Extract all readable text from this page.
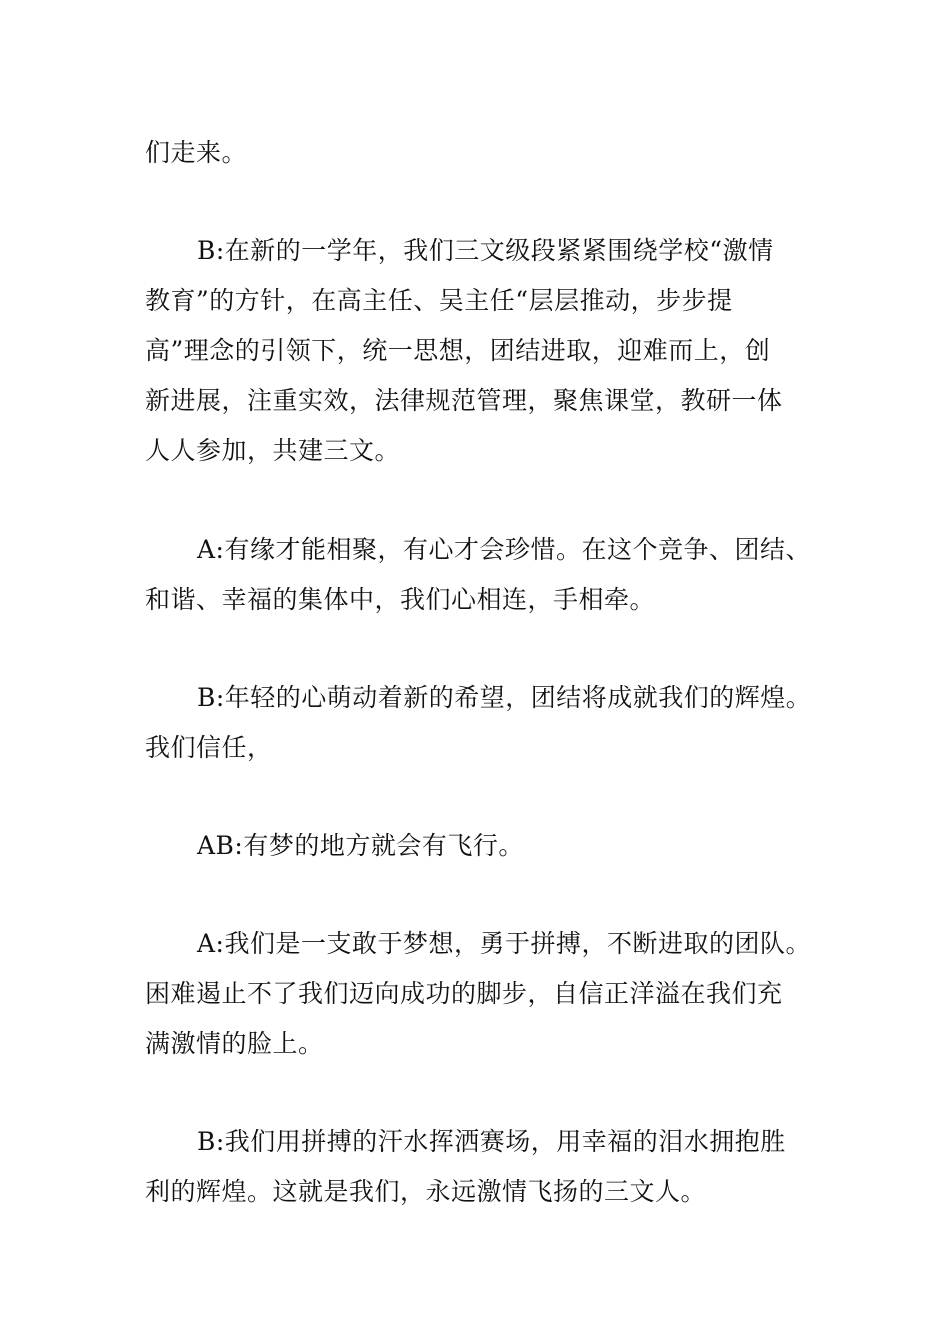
们走来。

B:在新的一学年，我们三文级段紧紧围绕学校“激情
教育”的方针，在高主任、吴主任“层层推动，步步提
高”理念的引领下，统一思想，团结进取，迎难而上，创
新进展，注重实效，法律规范管理，聚焦课堂，教研一体
人人参加，共建三文。

A:有缘才能相聚，有心才会珍惜。在这个竞争、团结、
和谐、幸福的集体中，我们心相连，手相牵。

B:年轻的心萌动着新的希望，团结将成就我们的辉煌。
我们信任，

AB:有梦的地方就会有飞行。

A:我们是一支敢于梦想，勇于拼搏，不断进取的团队。
困难遏止不了我们迈向成功的脚步，自信正洋溢在我们充
满激情的脸上。

B:我们用拼搏的汗水挥洒赛场，用幸福的泪水拥抱胜
利的辉煌。这就是我们，永远激情飞扬的三文人。
